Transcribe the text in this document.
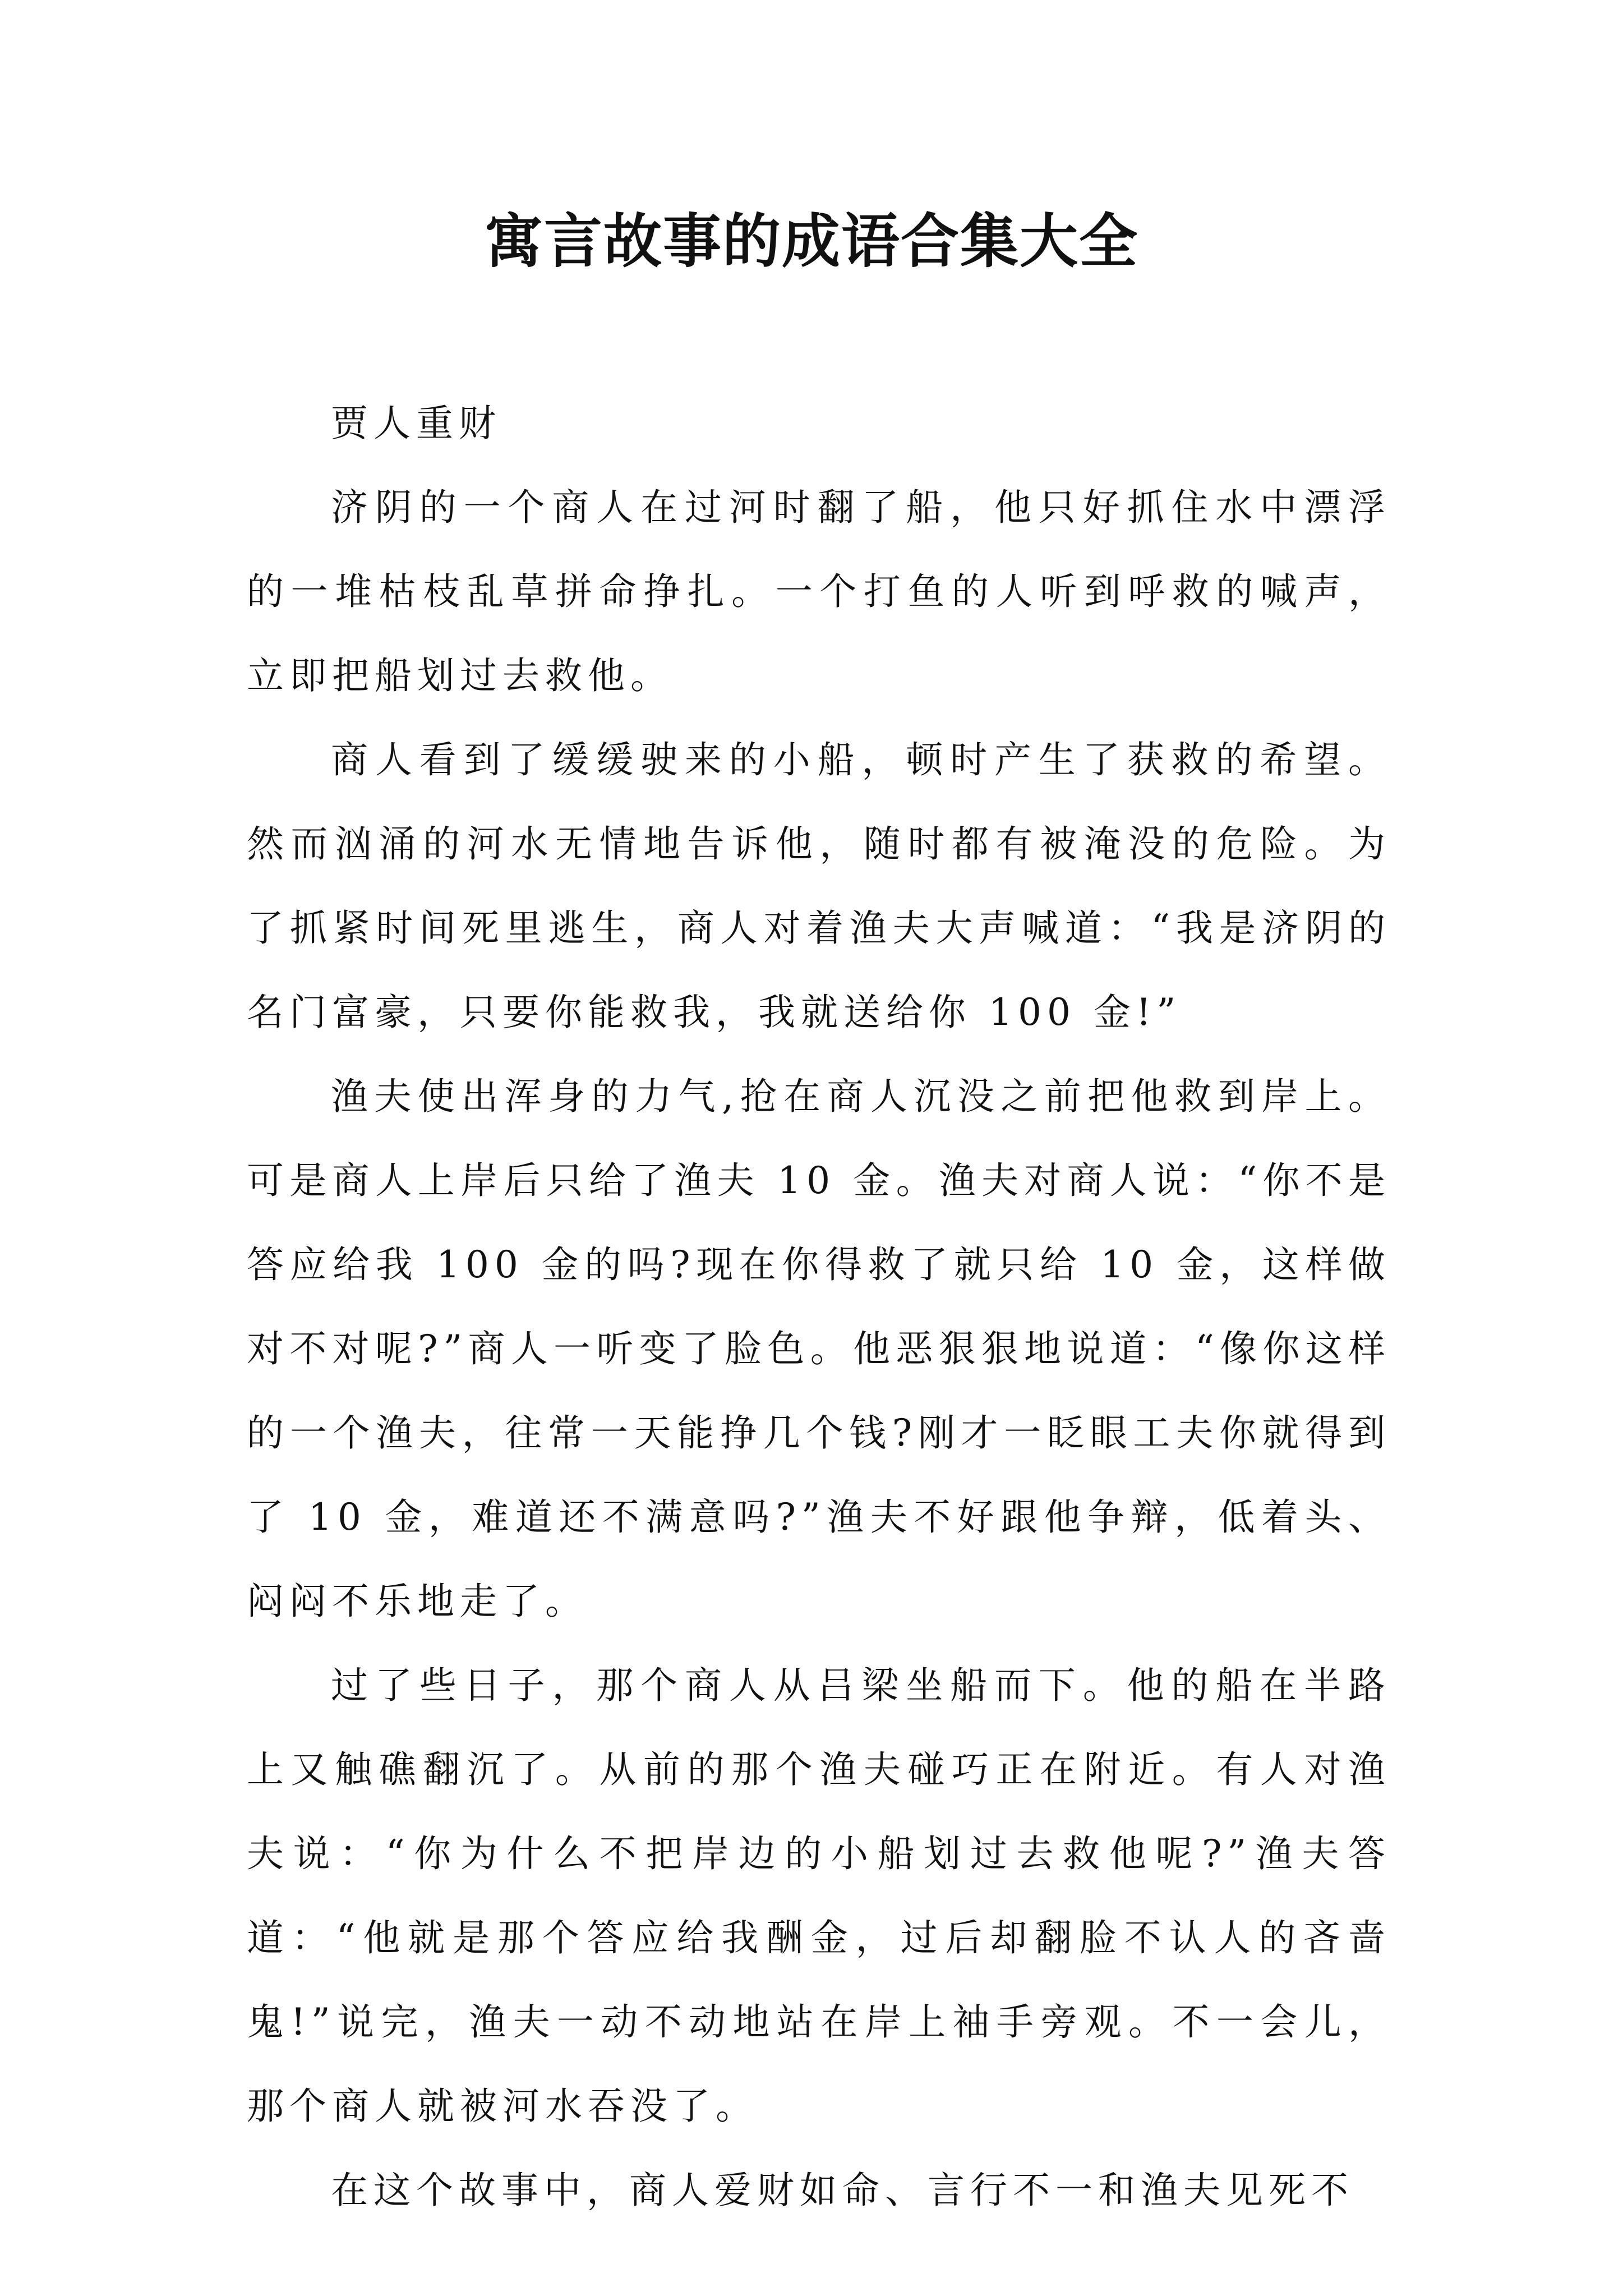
寓言故事的成语合集大全

贾人重财

济阴的一个商人在过河时翻了船，他只好抓住水中漂浮的一堆枯枝乱草拼命挣扎。一个打鱼的人听到呼救的喊声，立即把船划过去救他。

商人看到了缓缓驶来的小船，顿时产生了获救的希望。然而汹涌的河水无情地告诉他，随时都有被淹没的危险。为了抓紧时间死里逃生，商人对着渔夫大声喊道：“我是济阴的名门富豪，只要你能救我，我就送给你 100 金!”

渔夫使出浑身的力气,抢在商人沉没之前把他救到岸上。可是商人上岸后只给了渔夫 10 金。渔夫对商人说：“你不是答应给我 100 金的吗?现在你得救了就只给 10 金，这样做对不对呢?”商人一听变了脸色。他恶狠狠地说道：“像你这样的一个渔夫，往常一天能挣几个钱?刚才一眨眼工夫你就得到了 10 金，难道还不满意吗?”渔夫不好跟他争辩，低着头、闷闷不乐地走了。

过了些日子，那个商人从吕梁坐船而下。他的船在半路上又触礁翻沉了。从前的那个渔夫碰巧正在附近。有人对渔夫说：“你为什么不把岸边的小船划过去救他呢?”渔夫答道：“他就是那个答应给我酬金，过后却翻脸不认人的吝啬鬼!”说完，渔夫一动不动地站在岸上袖手旁观。不一会儿，那个商人就被河水吞没了。

在这个故事中，商人爱财如命、言行不一和渔夫见死不
